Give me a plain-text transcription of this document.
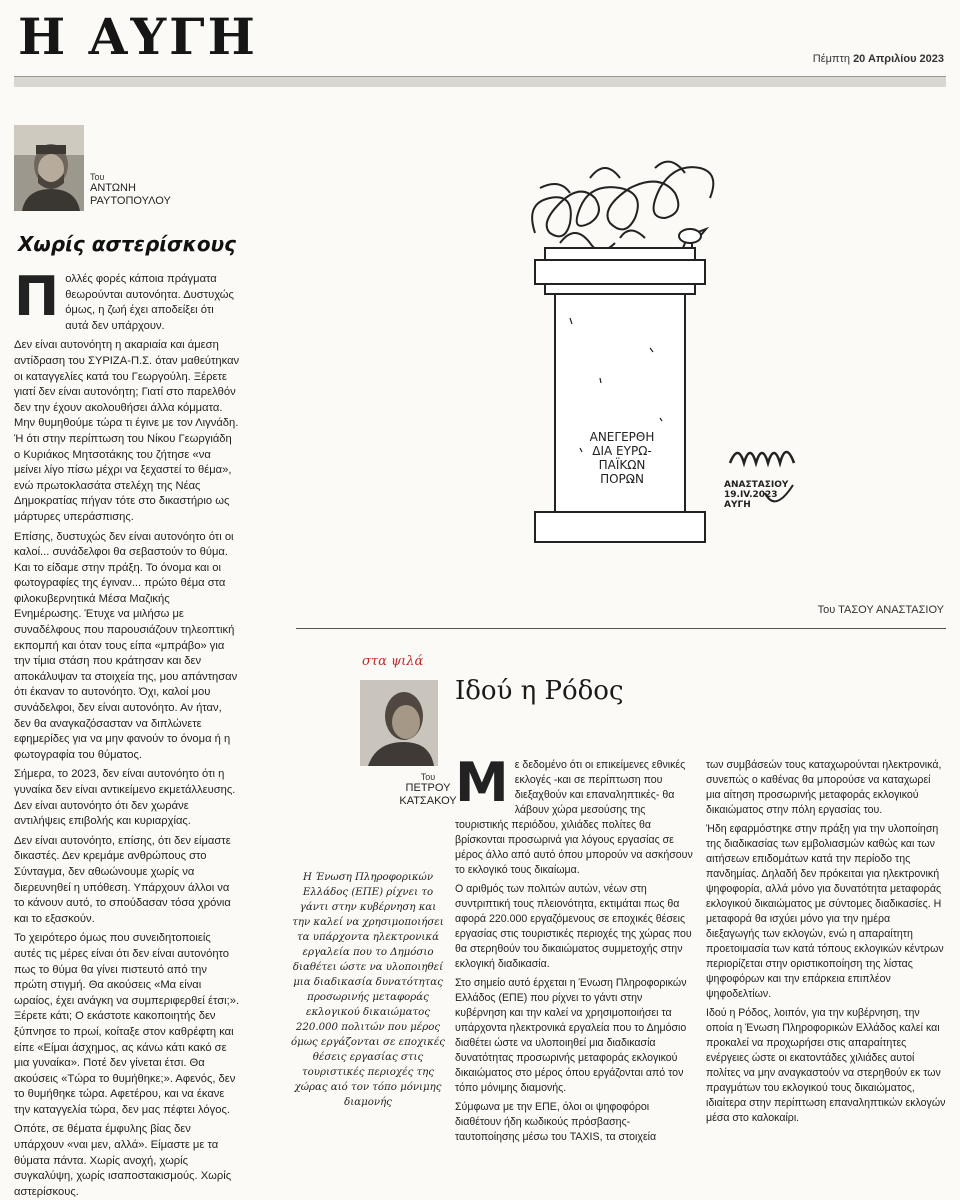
Η ΑΥΓΗ	Πέμπτη 20 Απριλίου 2023
Του
ΑΝΤΩΝΗ
ΡΑΥΤΟΠΟΥΛΟΥ
Χωρίς αστερίσκους

Πολλές φορές κάποια πράγματα θεωρούνται αυτονόητα. Δυστυχώς όμως, η ζωή έχει αποδείξει ότι αυτά δεν υπάρχουν.

Δεν είναι αυτονόητη η ακαριαία και άμεση αντίδραση του ΣΥΡΙΖΑ-Π.Σ. όταν μαθεύτηκαν οι καταγγελίες κατά του Γεωργούλη. Ξέρετε γιατί δεν είναι αυτονόητη; Γιατί στο παρελθόν δεν την έχουν ακολουθήσει άλλα κόμματα. Μην θυμηθούμε τώρα τι έγινε με τον Λιγνάδη. Ή ότι στην περίπτωση του Νίκου Γεωργιάδη ο Κυριάκος Μητσοτάκης του ζήτησε «να μείνει λίγο πίσω μέχρι να ξεχαστεί το θέμα», ενώ πρωτοκλασάτα στελέχη της Νέας Δημοκρατίας πήγαν τότε στο δικαστήριο ως μάρτυρες υπεράσπισης.

Επίσης, δυστυχώς δεν είναι αυτονόητο ότι οι καλοί... συνάδελφοι θα σεβαστούν το θύμα. Και το είδαμε στην πράξη. Το όνομα και οι φωτογραφίες της έγιναν... πρώτο θέμα στα φιλοκυβερνητικά Μέσα Μαζικής Ενημέρωσης. Έτυχε να μιλήσω με συναδέλφους που παρουσιάζουν τηλεοπτική εκπομπή και όταν τους είπα «μπράβο» για την τίμια στάση που κράτησαν και δεν αποκάλυψαν τα στοιχεία της, μου απάντησαν ότι έκαναν το αυτονόητο. Όχι, καλοί μου συνάδελφοι, δεν είναι αυτονόητο. Αν ήταν, δεν θα αναγκαζόσασταν να διπλώνετε εφημερίδες για να μην φανούν το όνομα ή η φωτογραφία του θύματος.

Σήμερα, το 2023, δεν είναι αυτονόητο ότι η γυναίκα δεν είναι αντικείμενο εκμετάλλευσης. Δεν είναι αυτονόητο ότι δεν χωράνε αντιλήψεις επιβολής και κυριαρχίας.

Δεν είναι αυτονόητο, επίσης, ότι δεν είμαστε δικαστές. Δεν κρεμάμε ανθρώπους στο Σύνταγμα, δεν αθωώνουμε χωρίς να διερευνηθεί η υπόθεση. Υπάρχουν άλλοι να το κάνουν αυτό, το σπούδασαν τόσα χρόνια και το εξασκούν.

Το χειρότερο όμως που συνειδητοποιείς αυτές τις μέρες είναι ότι δεν είναι αυτονόητο πως το θύμα θα γίνει πιστευτό από την πρώτη στιγμή. Θα ακούσεις «Μα είναι ωραίος, έχει ανάγκη να συμπεριφερθεί έτσι;». Ξέρετε κάτι; Ο εκάστοτε κακοποιητής δεν ξύπνησε το πρωί, κοίταξε στον καθρέφτη και είπε «Είμαι άσχημος, ας κάνω κάτι κακό σε μια γυναίκα». Ποτέ δεν γίνεται έτσι. Θα ακούσεις «Τώρα το θυμήθηκε;». Αφενός, δεν το θυμήθηκε τώρα. Αφετέρου, και να έκανε την καταγγελία τώρα, δεν μας πέφτει λόγος.

Οπότε, σε θέματα έμφυλης βίας δεν υπάρχουν «ναι μεν, αλλά». Είμαστε με τα θύματα πάντα. Χωρίς ανοχή, χωρίς συγκαλύψη, χωρίς ισαποστακισμούς. Χωρίς αστερίσκους.

ΑΝΕΓΕΡΘΗ
ΔΙΑ ΕΥΡΩ-
ΠΑΪΚΩΝ
ΠΟΡΩΝ	ΑΝΑΣΤΑΣΙΟΥ
19.IV.2023
ΑΥΓΗ
Του ΤΑΣΟΥ ΑΝΑΣΤΑΣΙΟΥ
στα ψιλά
Του
ΠΕΤΡΟΥ
ΚΑΤΣΑΚΟΥ
Ιδού η Ρόδος
Η Ένωση Πληροφορικών Ελλάδος (ΕΠΕ) ρίχνει το γάντι στην κυβέρνηση και την καλεί να χρησιμοποιήσει τα υπάρχοντα ηλεκτρονικά εργαλεία που το Δημόσιο διαθέτει ώστε να υλοποιηθεί μια διαδικασία δυνατότητας προσωρινής μεταφοράς εκλογικού δικαιώματος 220.000 πολιτών που μέρος όμως εργάζονται σε εποχικές θέσεις εργασίας στις τουριστικές περιοχές της χώρας αιό τον τόπο μόνιμης διαμονής

Με δεδομένο ότι οι επικείμενες εθνικές εκλογές -και σε περίπτωση που διεξαχθούν και επαναληπτικές- θα λάβουν χώρα μεσούσης της τουριστικής περιόδου, χιλιάδες πολίτες θα βρίσκονται προσωρινά για λόγους εργασίας σε μέρος άλλο από αυτό όπου μπορούν να ασκήσουν το εκλογικό τους δικαίωμα.

Ο αριθμός των πολιτών αυτών, νέων στη συντριπτική τους πλειονότητα, εκτιμάται πως θα αφορά 220.000 εργαζόμενους σε εποχικές θέσεις εργασίας στις τουριστικές περιοχές της χώρας που θα στερηθούν του δικαιώματος συμμετοχής στην εκλογική διαδικασία.

Στο σημείο αυτό έρχεται η Ένωση Πληροφορικών Ελλάδος (ΕΠΕ) που ρίχνει το γάντι στην κυβέρνηση και την καλεί να χρησιμοποιήσει τα υπάρχοντα ηλεκτρονικά εργαλεία που το Δημόσιο διαθέτει ώστε να υλοποιηθεί μια διαδικασία δυνατότητας προσωρινής μεταφοράς εκλογικού δικαιώματος στο μέρος όπου εργάζονται από τον τόπο μόνιμης διαμονής.

Σύμφωνα με την ΕΠΕ, όλοι οι ψηφοφόροι διαθέτουν ήδη κωδικούς πρόσβασης-ταυτοποίησης μέσω του TAXIS, τα στοιχεία

των συμβάσεών τους καταχωρούνται ηλεκτρονικά, συνεπώς ο καθένας θα μπορούσε να καταχωρεί μια αίτηση προσωρινής μεταφοράς εκλογικού δικαιώματος στην πόλη εργασίας του.

Ήδη εφαρμόστηκε στην πράξη για την υλοποίηση της διαδικασίας των εμβολιασμών καθώς και των αιτήσεων επιδομάτων κατά την περίοδο της πανδημίας. Δηλαδή δεν πρόκειται για ηλεκτρονική ψηφοφορία, αλλά μόνο για δυνατότητα μεταφοράς εκλογικού δικαιώματος με σύντομες διαδικασίες. Η μεταφορά θα ισχύει μόνο για την ημέρα διεξαγωγής των εκλογών, ενώ η απαραίτητη προετοιμασία των κατά τόπους εκλογικών κέντρων περιορίζεται στην οριστικοποίηση της λίστας ψηφοφόρων και την επάρκεια επιπλέον ψηφοδελτίων.

Ιδού η Ρόδος, λοιπόν, για την κυβέρνηση, την οποία η Ένωση Πληροφορικών Ελλάδος καλεί και προκαλεί να προχωρήσει στις απαραίτητες ενέργειες ώστε οι εκατοντάδες χιλιάδες αυτοί πολίτες να μην αναγκαστούν να στερηθούν εκ των πραγμάτων του εκλογικού τους δικαιώματος, ιδιαίτερα στην περίπτωση επαναληπτικών εκλογών μέσα στο καλοκαίρι.
